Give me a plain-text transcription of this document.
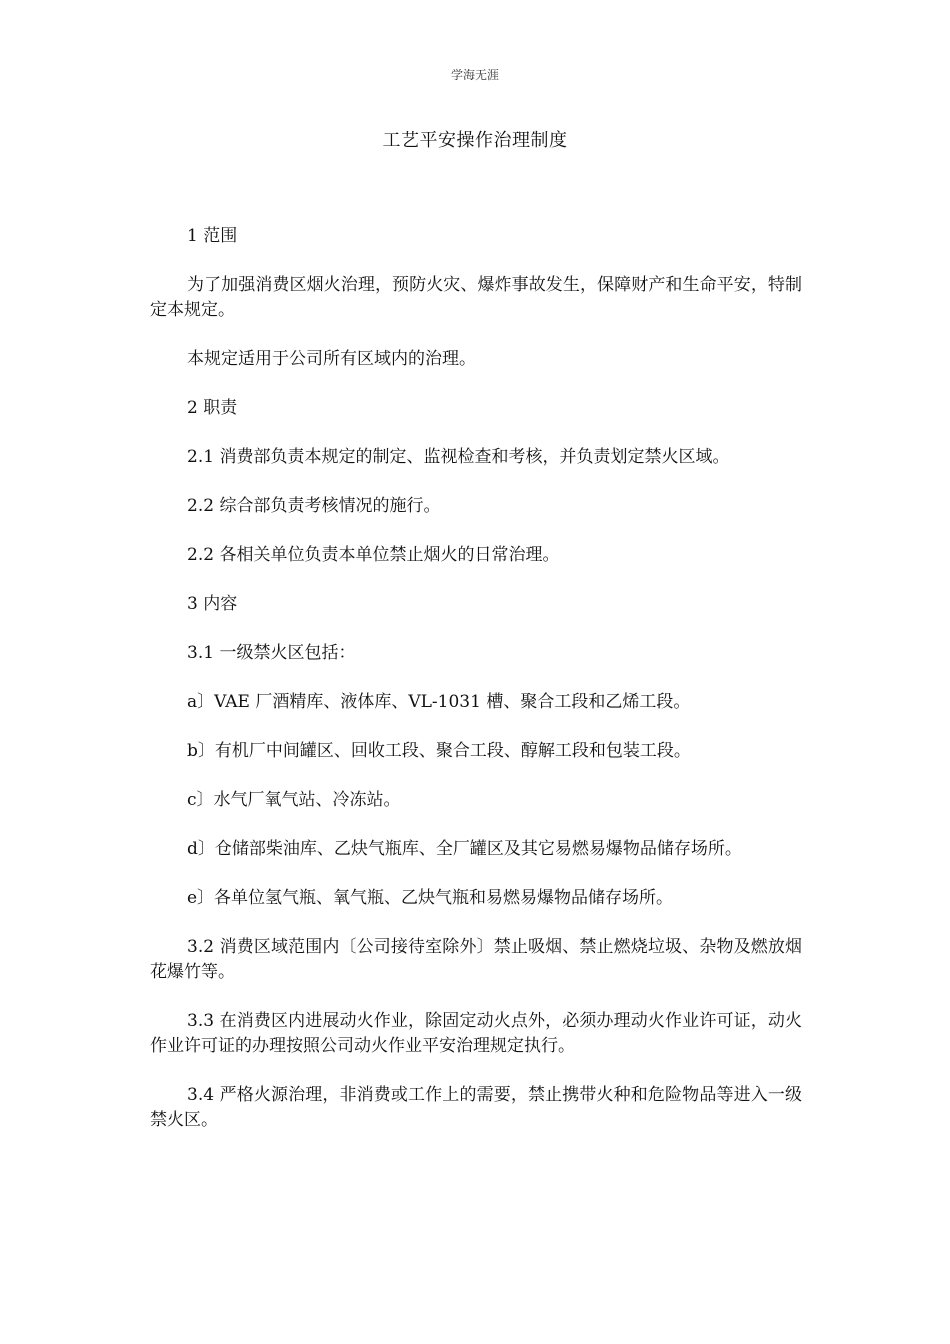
学海无涯
工艺平安操作治理制度

1 范围

为了加强消费区烟火治理，预防火灾、爆炸事故发生，保障财产和生命平安，特制定本规定。

本规定适用于公司所有区域内的治理。

2 职责

2.1 消费部负责本规定的制定、监视检查和考核，并负责划定禁火区域。

2.2 综合部负责考核情况的施行。

2.2 各相关单位负责本单位禁止烟火的日常治理。

3 内容

3.1 一级禁火区包括：

a〕VAE 厂酒精库、液体库、VL-1031 槽、聚合工段和乙烯工段。

b〕有机厂中间罐区、回收工段、聚合工段、醇解工段和包装工段。

c〕水气厂氧气站、冷冻站。

d〕仓储部柴油库、乙炔气瓶库、全厂罐区及其它易燃易爆物品储存场所。

e〕各单位氢气瓶、氧气瓶、乙炔气瓶和易燃易爆物品储存场所。

3.2 消费区域范围内〔公司接待室除外〕禁止吸烟、禁止燃烧垃圾、杂物及燃放烟花爆竹等。

3.3 在消费区内进展动火作业，除固定动火点外，必须办理动火作业许可证，动火作业许可证的办理按照公司动火作业平安治理规定执行。

3.4 严格火源治理，非消费或工作上的需要，禁止携带火种和危险物品等进入一级禁火区。
